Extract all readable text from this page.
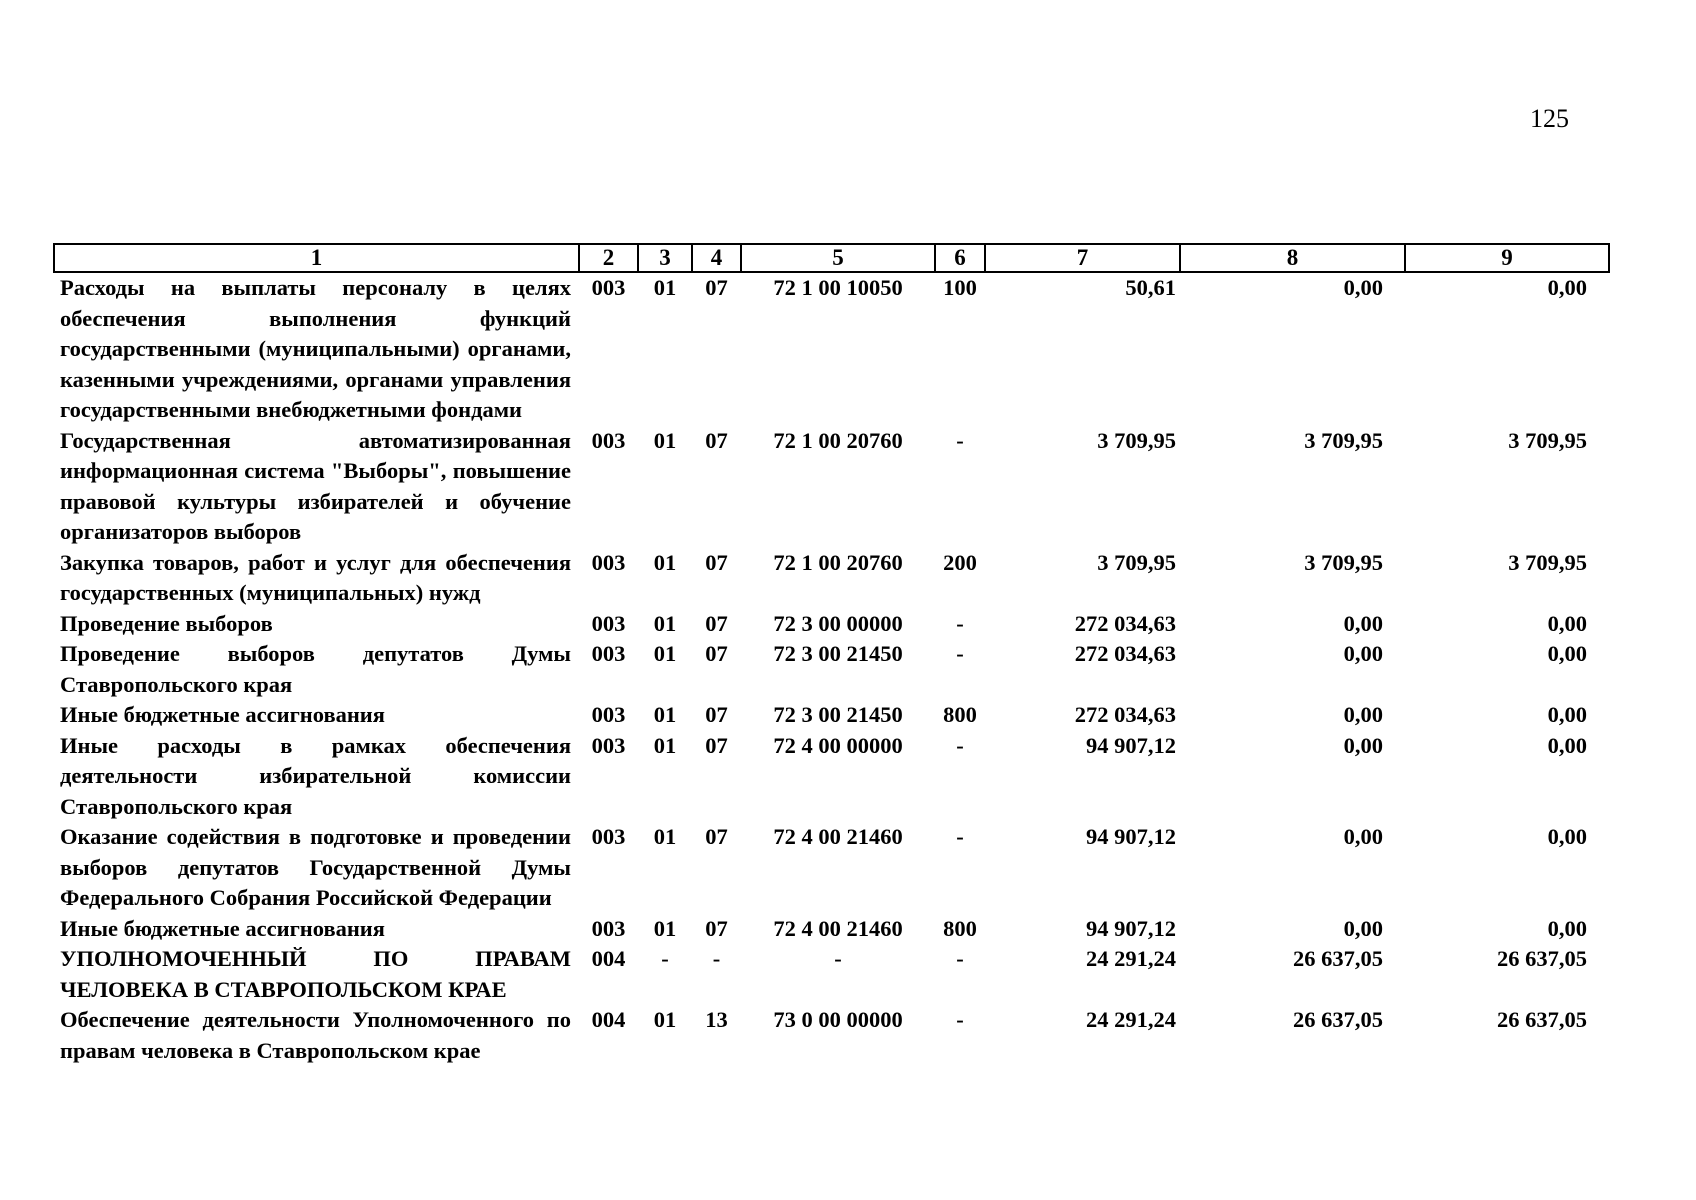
125
1	2	3	4	5	6	7	8	9
Расходы на выплаты персоналу в целях обеспечения выполнения функций государственными (муниципальными) органами, казенными учреждениями, органами управления государственными внебюджетными фондами	003	01	07	72 1 00 10050	100	50,61	0,00	0,00
Государственная автоматизированная информационная система "Выборы", повышение правовой культуры избирателей и обучение организаторов выборов	003	01	07	72 1 00 20760	-	3 709,95	3 709,95	3 709,95
Закупка товаров, работ и услуг для обеспечения государственных (муниципальных) нужд	003	01	07	72 1 00 20760	200	3 709,95	3 709,95	3 709,95
Проведение выборов	003	01	07	72 3 00 00000	-	272 034,63	0,00	0,00
Проведение выборов депутатов Думы Ставропольского края	003	01	07	72 3 00 21450	-	272 034,63	0,00	0,00
Иные бюджетные ассигнования	003	01	07	72 3 00 21450	800	272 034,63	0,00	0,00
Иные расходы в рамках обеспечения деятельности избирательной комиссии Ставропольского края	003	01	07	72 4 00 00000	-	94 907,12	0,00	0,00
Оказание содействия в подготовке и проведении выборов депутатов Государственной Думы Федерального Собрания Российской Федерации	003	01	07	72 4 00 21460	-	94 907,12	0,00	0,00
Иные бюджетные ассигнования	003	01	07	72 4 00 21460	800	94 907,12	0,00	0,00
УПОЛНОМОЧЕННЫЙ ПО ПРАВАМ ЧЕЛОВЕКА В СТАВРОПОЛЬСКОМ КРАЕ	004	-	-	-	-	24 291,24	26 637,05	26 637,05
Обеспечение деятельности Уполномоченного по правам человека в Ставропольском крае	004	01	13	73 0 00 00000	-	24 291,24	26 637,05	26 637,05
